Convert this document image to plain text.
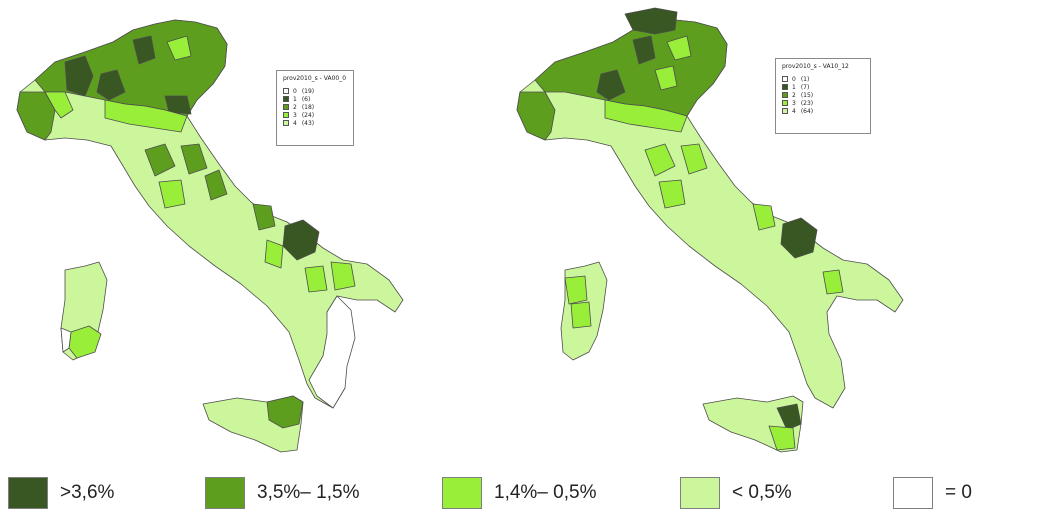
prov2010_s - VA00_0
0 (19)
1 (6)
2 (18)
3 (24)
4 (43)
prov2010_s - VA10_12
0 (1)
1 (7)
2 (15)
3 (23)
4 (64)
>3,6%	3,5%– 1,5%	1,4%– 0,5%	< 0,5%	= 0
